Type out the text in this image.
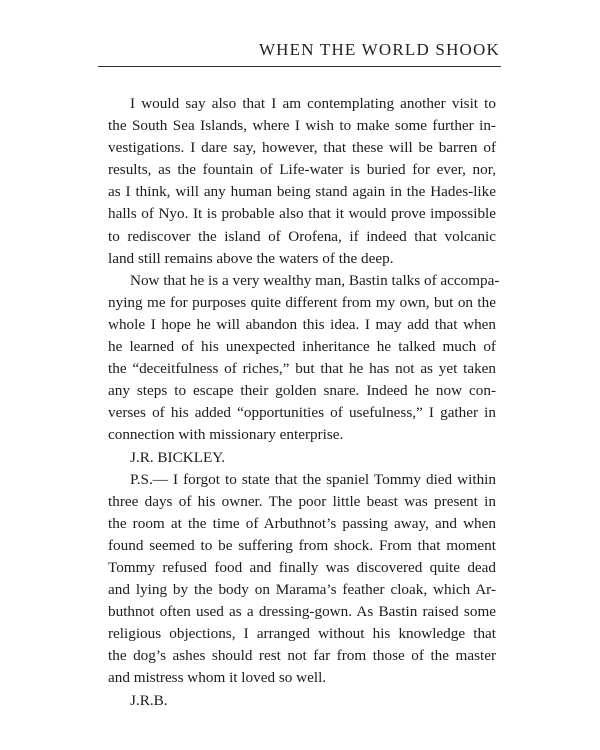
WHEN THE WORLD SHOOK
I would say also that I am contemplating another visit to
the South Sea Islands, where I wish to make some further in-
vestigations. I dare say, however, that these will be barren of
results, as the fountain of Life-water is buried for ever, nor,
as I think, will any human being stand again in the Hades-like
halls of Nyo. It is probable also that it would prove impossible
to rediscover the island of Orofena, if indeed that volcanic
land still remains above the waters of the deep.
Now that he is a very wealthy man, Bastin talks of accompa-
nying me for purposes quite different from my own, but on the
whole I hope he will abandon this idea. I may add that when
he learned of his unexpected inheritance he talked much of
the “deceitfulness of riches,” but that he has not as yet taken
any steps to escape their golden snare. Indeed he now con-
verses of his added “opportunities of usefulness,” I gather in
connection with missionary enterprise.

J.R. BICKLEY.

P.S.— I forgot to state that the spaniel Tommy died within
three days of his owner. The poor little beast was present in
the room at the time of Arbuthnot’s passing away, and when
found seemed to be suffering from shock. From that moment
Tommy refused food and finally was discovered quite dead
and lying by the body on Marama’s feather cloak, which Ar-
buthnot often used as a dressing-gown. As Bastin raised some
religious objections, I arranged without his knowledge that
the dog’s ashes should rest not far from those of the master
and mistress whom it loved so well.

J.R.B.
